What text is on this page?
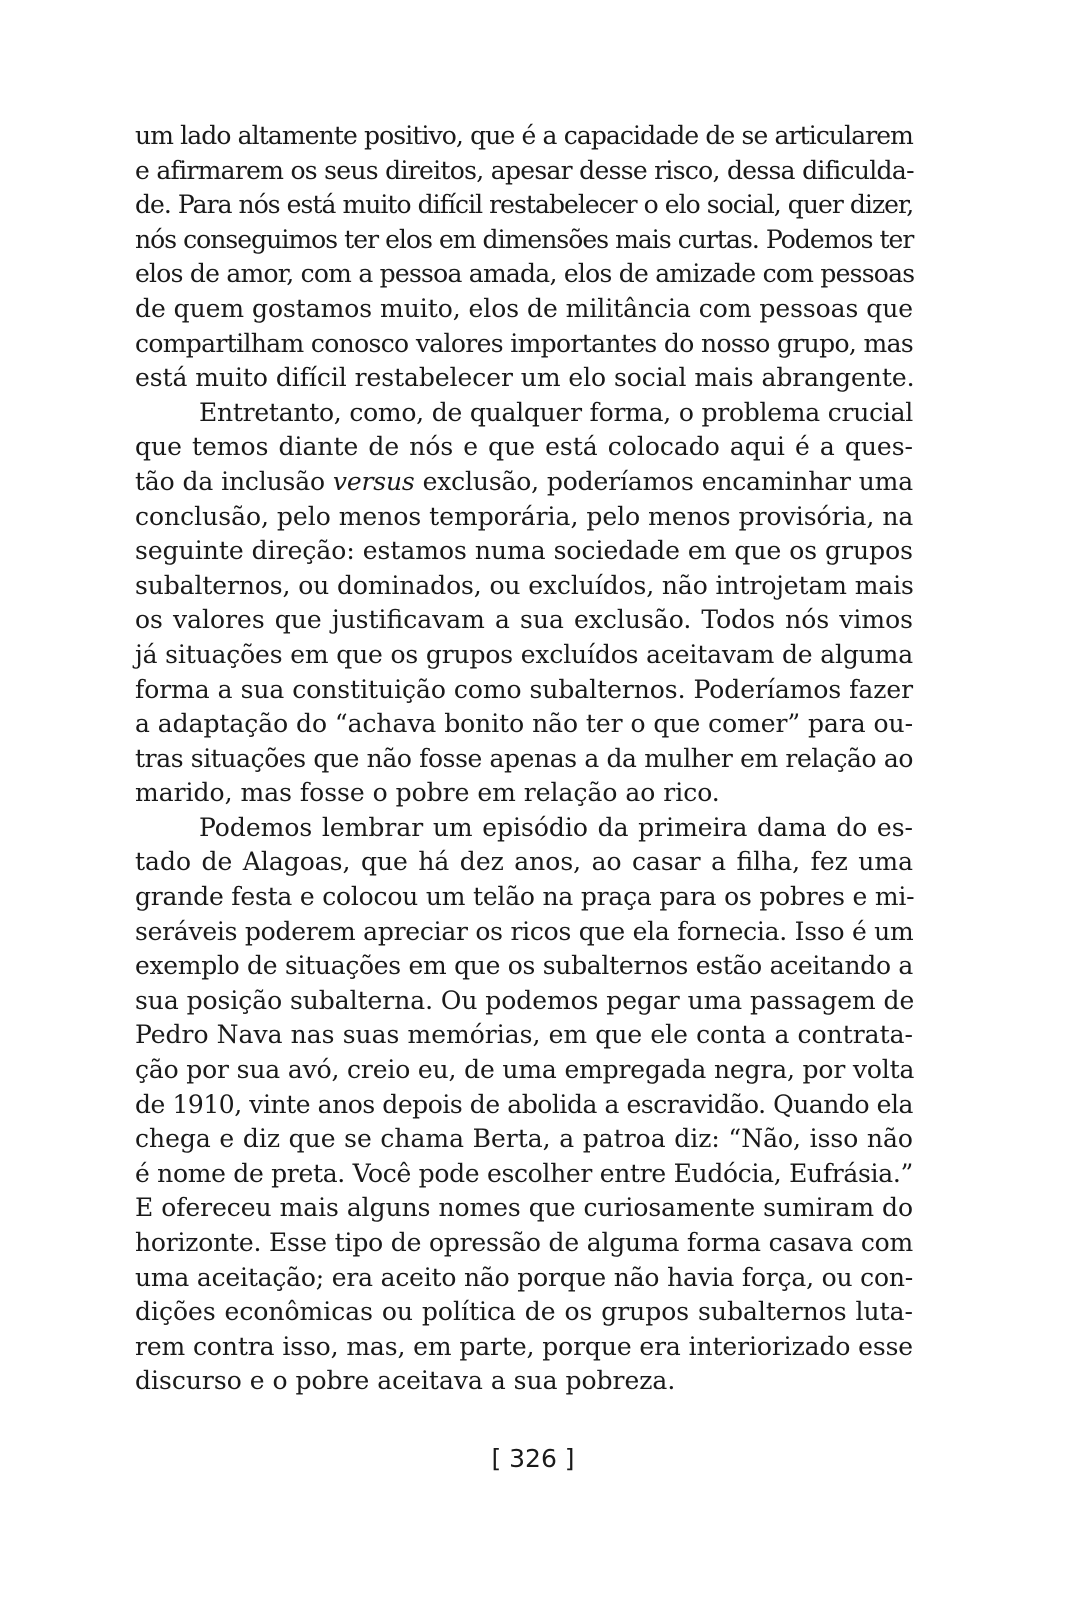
um lado altamente positivo, que é a capacidade de se articularem
e afirmarem os seus direitos, apesar desse risco, dessa dificulda-
de. Para nós está muito difícil restabelecer o elo social, quer dizer,
nós conseguimos ter elos em dimensões mais curtas. Podemos ter
elos de amor, com a pessoa amada, elos de amizade com pessoas
de quem gostamos muito, elos de militância com pessoas que
compartilham conosco valores importantes do nosso grupo, mas
está muito difícil restabelecer um elo social mais abrangente.
Entretanto, como, de qualquer forma, o problema crucial
que temos diante de nós e que está colocado aqui é a ques-
tão da inclusão versus exclusão, poderíamos encaminhar uma
conclusão, pelo menos temporária, pelo menos provisória, na
seguinte direção: estamos numa sociedade em que os grupos
subalternos, ou dominados, ou excluídos, não introjetam mais
os valores que justificavam a sua exclusão. Todos nós vimos
já situações em que os grupos excluídos aceitavam de alguma
forma a sua constituição como subalternos. Poderíamos fazer
a adaptação do “achava bonito não ter o que comer” para ou-
tras situações que não fosse apenas a da mulher em relação ao
marido, mas fosse o pobre em relação ao rico.
Podemos lembrar um episódio da primeira dama do es-
tado de Alagoas, que há dez anos, ao casar a filha, fez uma
grande festa e colocou um telão na praça para os pobres e mi-
seráveis poderem apreciar os ricos que ela fornecia. Isso é um
exemplo de situações em que os subalternos estão aceitando a
sua posição subalterna. Ou podemos pegar uma passagem de
Pedro Nava nas suas memórias, em que ele conta a contrata-
ção por sua avó, creio eu, de uma empregada negra, por volta
de 1910, vinte anos depois de abolida a escravidão. Quando ela
chega e diz que se chama Berta, a patroa diz: “Não, isso não
é nome de preta. Você pode escolher entre Eudócia, Eufrásia.”
E ofereceu mais alguns nomes que curiosamente sumiram do
horizonte. Esse tipo de opressão de alguma forma casava com
uma aceitação; era aceito não porque não havia força, ou con-
dições econômicas ou política de os grupos subalternos luta-
rem contra isso, mas, em parte, porque era interiorizado esse
discurso e o pobre aceitava a sua pobreza.
[ 326 ]
